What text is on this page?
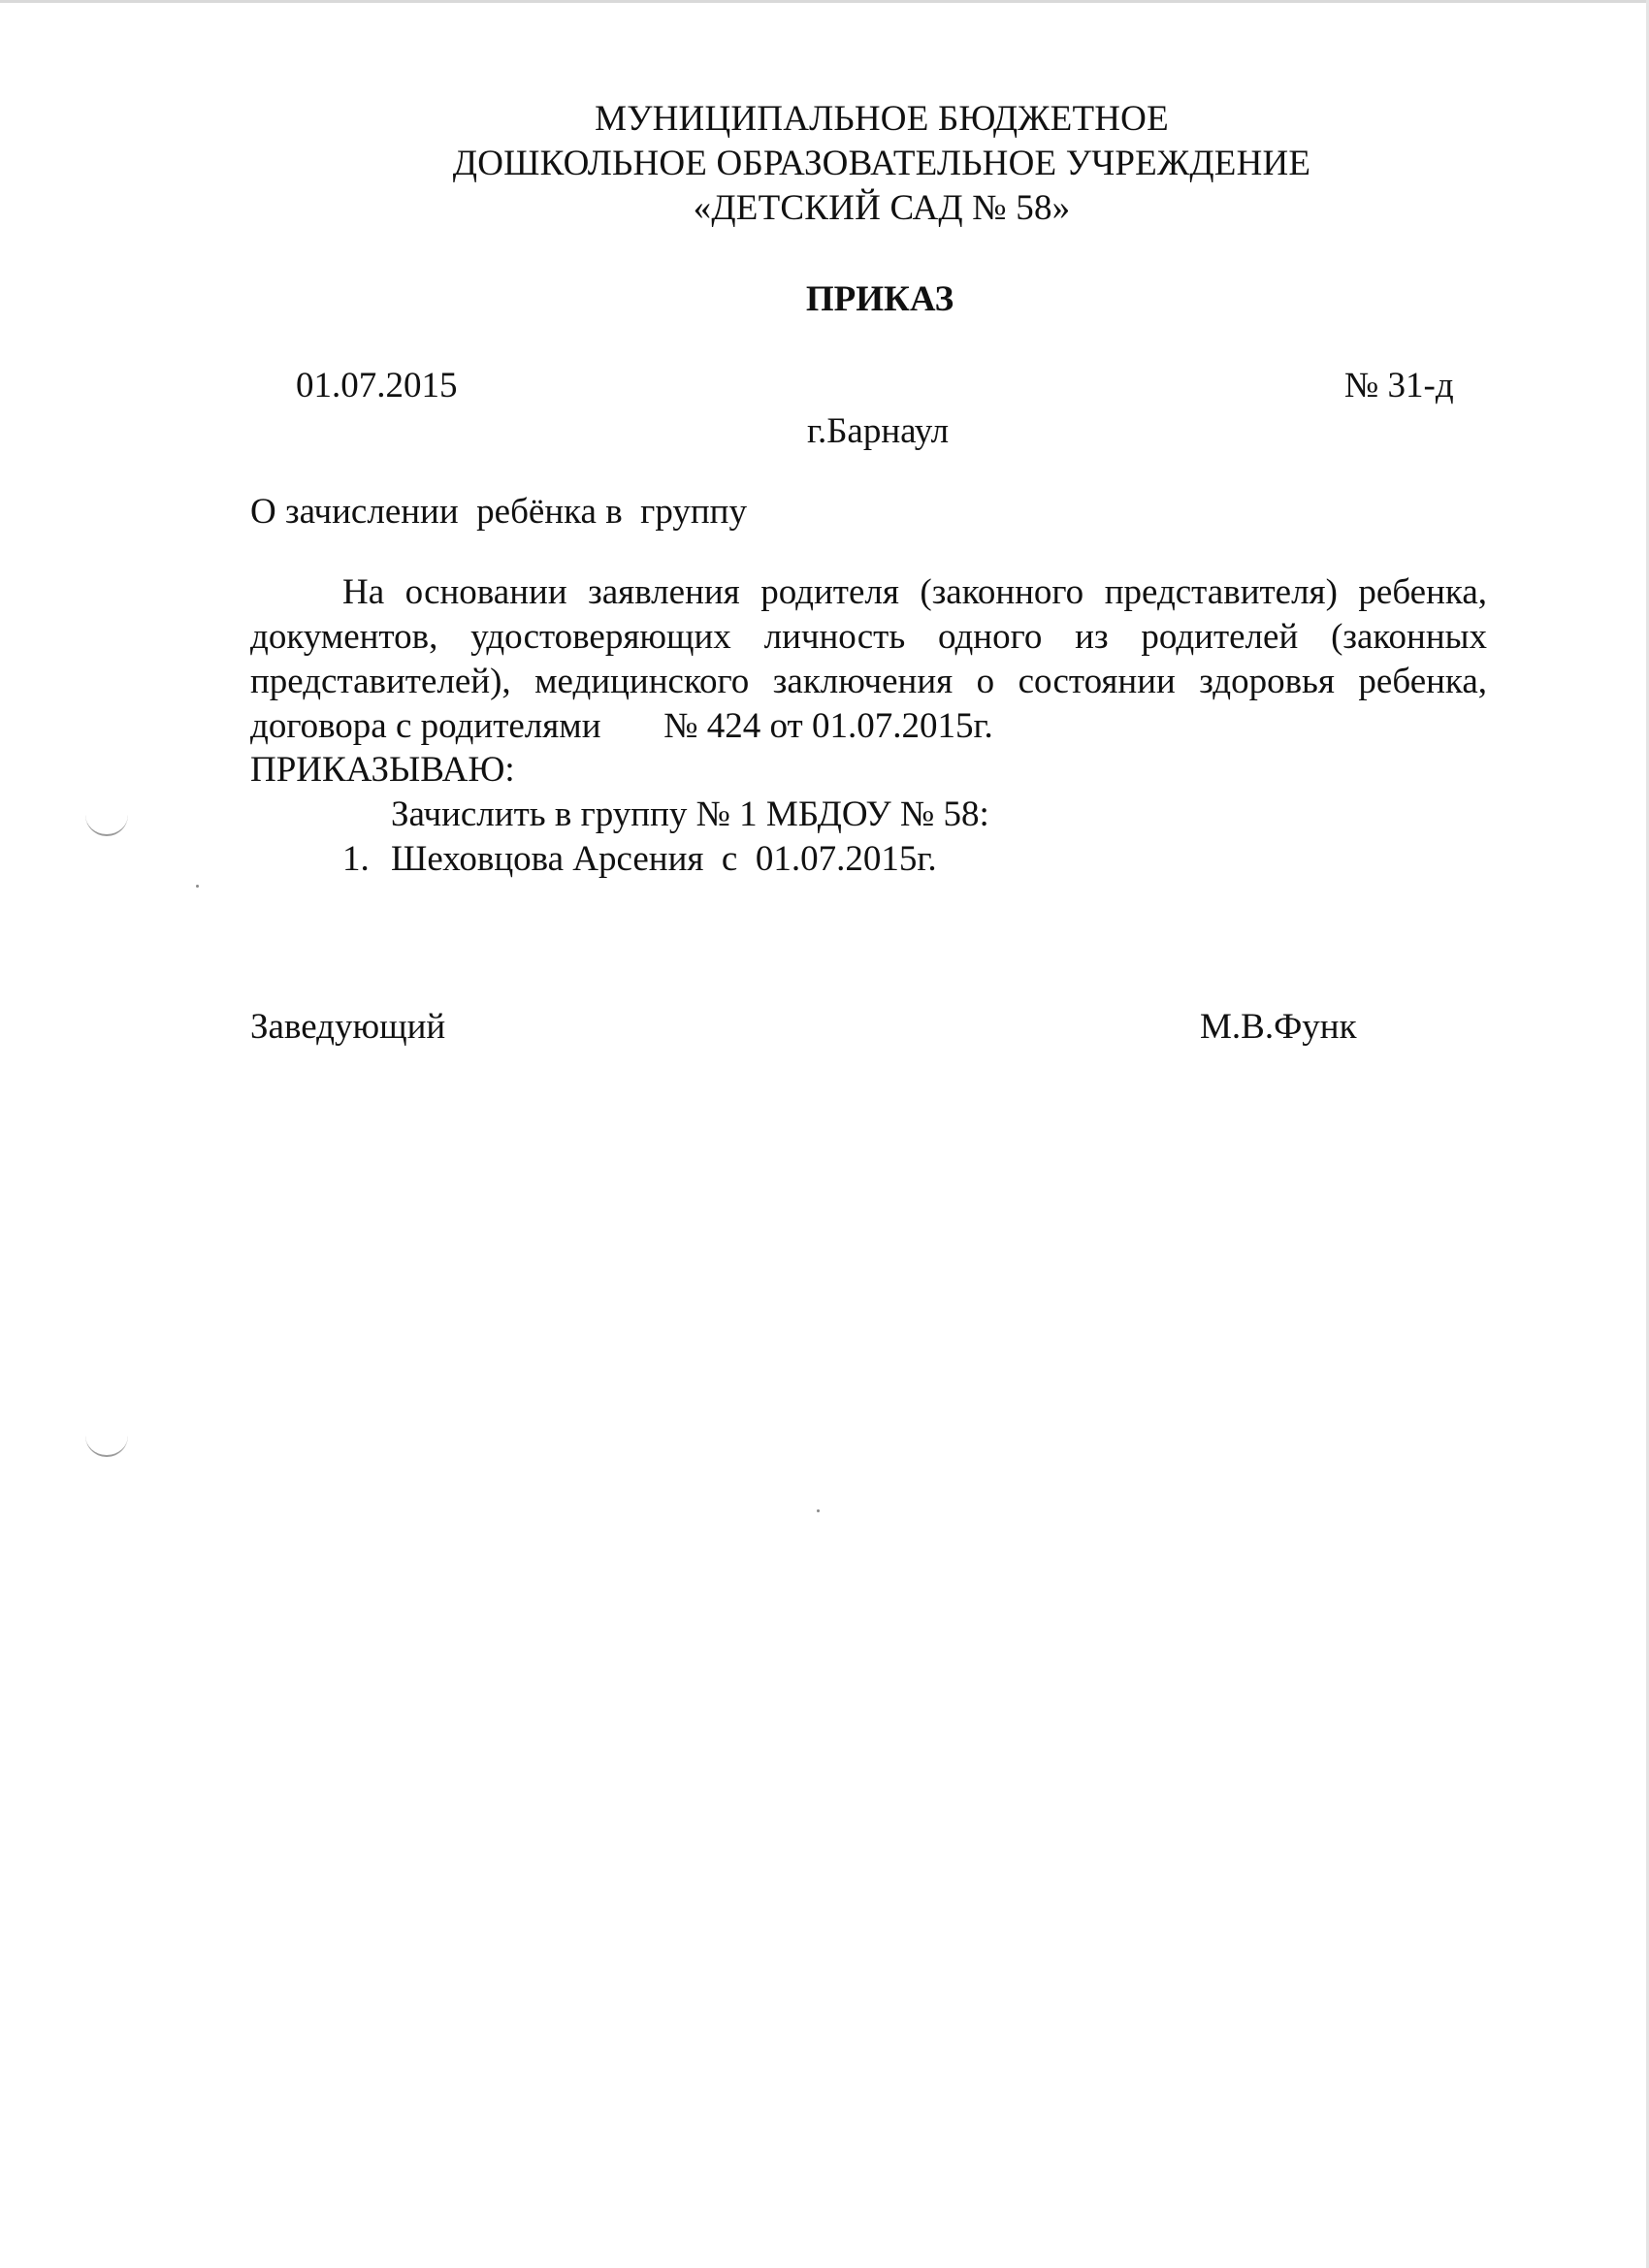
МУНИЦИПАЛЬНОЕ БЮДЖЕТНОЕ
ДОШКОЛЬНОЕ ОБРАЗОВАТЕЛЬНОЕ УЧРЕЖДЕНИЕ
«ДЕТСКИЙ САД № 58»
ПРИКАЗ
01.07.2015	№ 31-д
г.Барнаул
О зачислении  ребёнка в  группу
На основании заявления родителя (законного представителя) ребенка,
документов, удостоверяющих личность одного из родителей (законных
представителей), медицинского заключения о состоянии здоровья ребенка,
договора с родителями       № 424 от 01.07.2015г.
ПРИКАЗЫВАЮ:
Зачислить в группу № 1 МБДОУ № 58:
1. Шеховцова Арсения  с  01.07.2015г.
Заведующий	М.В.Функ
